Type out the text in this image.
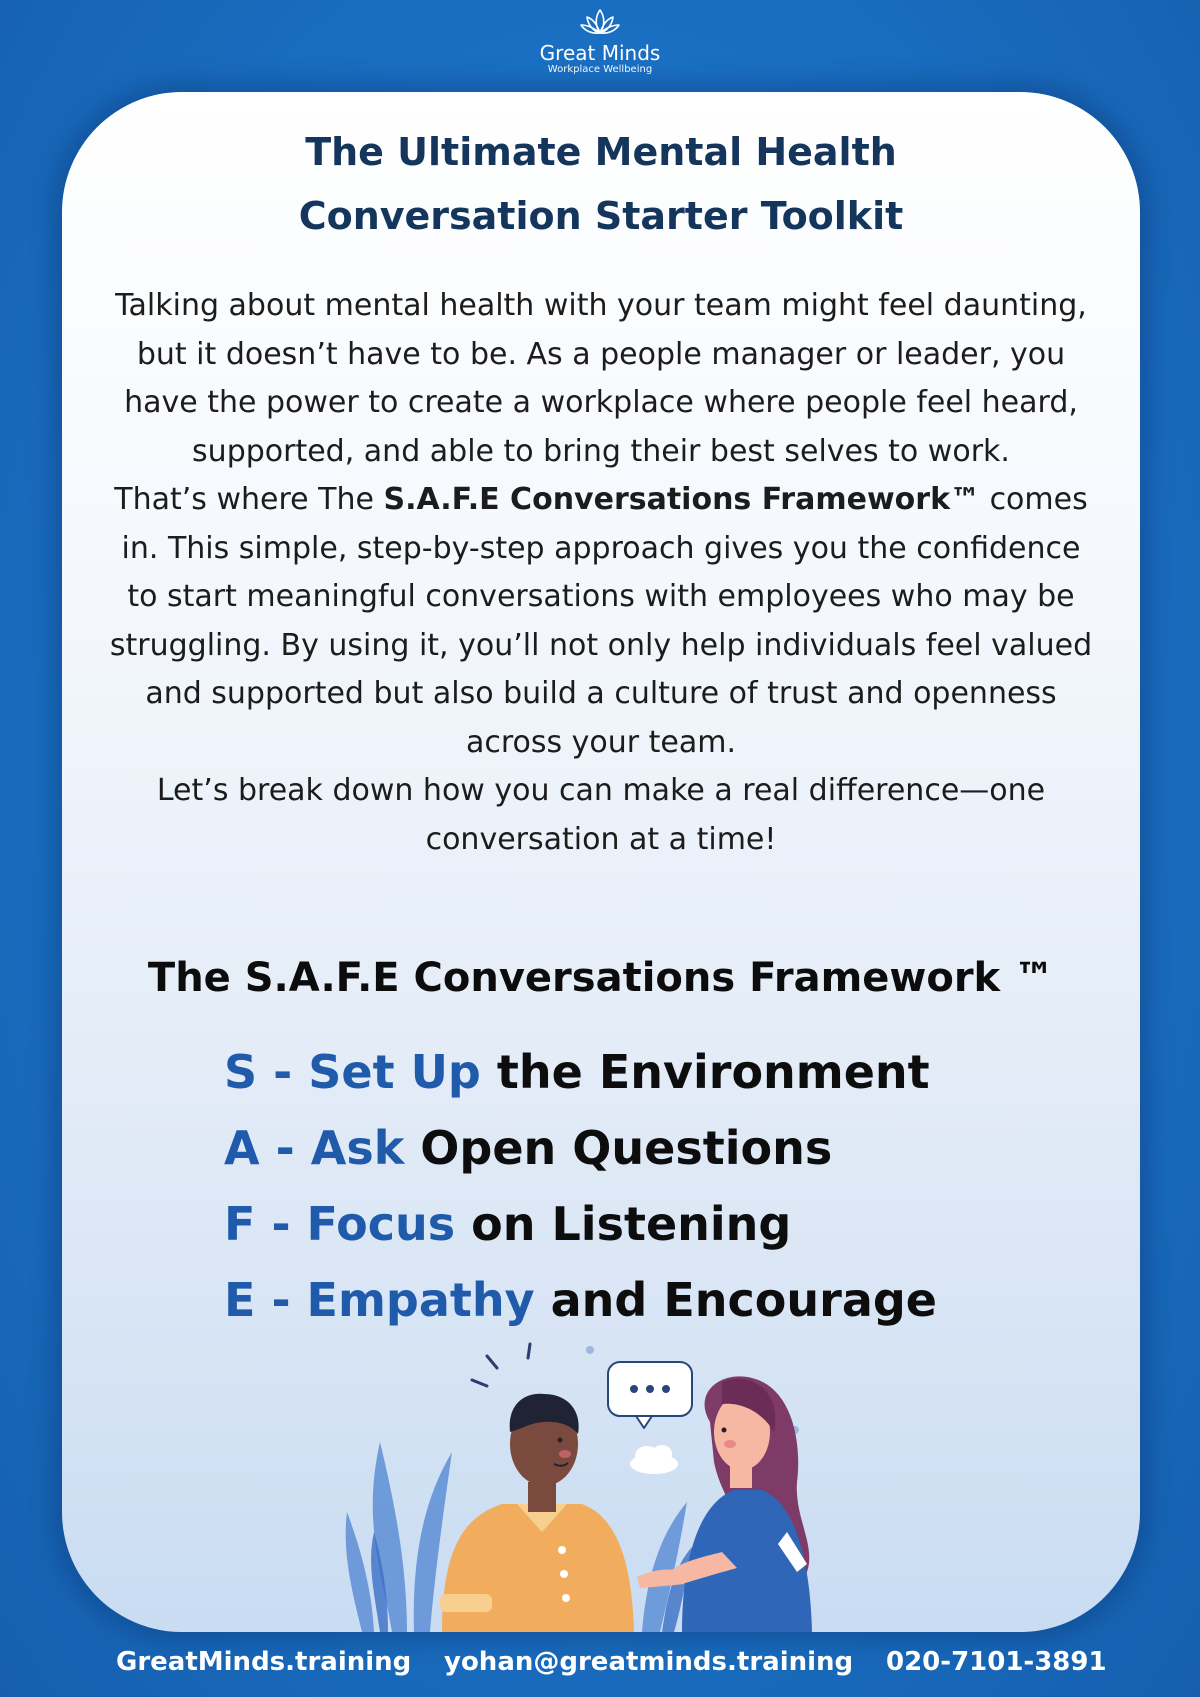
Great Minds
Workplace Wellbeing
The Ultimate Mental Health
Conversation Starter Toolkit

Talking about mental health with your team might feel daunting, but it doesn’t have to be. As a people manager or leader, you have the power to create a workplace where people feel heard, supported, and able to bring their best selves to work.

That’s where The S.A.F.E Conversations Framework™ comes in. This simple, step-by-step approach gives you the confidence to start meaningful conversations with employees who may be struggling. By using it, you’ll not only help individuals feel valued and supported but also build a culture of trust and openness across your team.

Let’s break down how you can make a real difference—one conversation at a time!

The S.A.F.E Conversations Framework ™
S - Set Up the Environment
A - Ask Open Questions
F - Focus on Listening
E - Empathy and Encourage
GreatMinds.training yohan@greatminds.training 020-7101-3891
